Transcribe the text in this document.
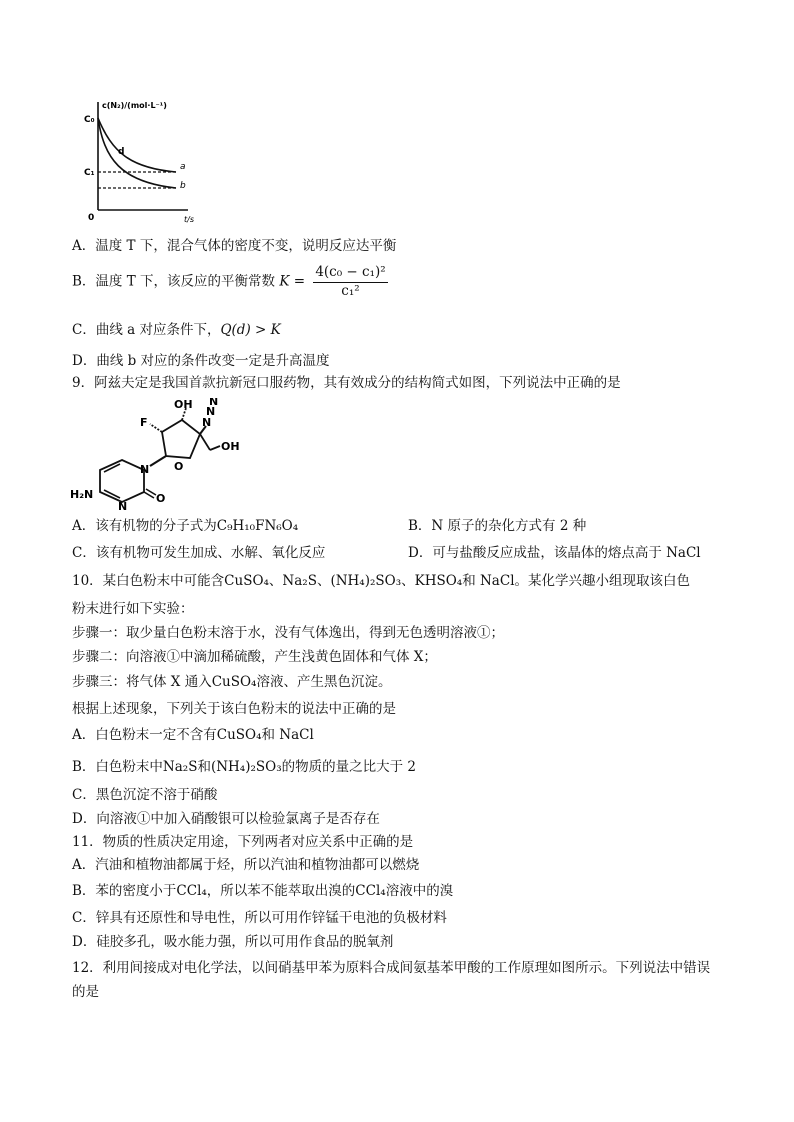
c(N₂)/(mol·L⁻¹)
C₀
C₁
0	t/s
d
a
b
A．温度 T 下，混合气体的密度不变，说明反应达平衡
B．温度 T 下，该反应的平衡常数 $K = \frac{\text{4(c₀ − c₁)²}}{\text{c₁²}}$
C．曲线 a 对应条件下，Q(d) > K
D．曲线 b 对应的条件改变一定是升高温度
9．阿兹夫定是我国首款抗新冠口服药物，其有效成分的结构简式如图，下列说法中正确的是
N
N
H₂N	O
O
F
OH
N
N
N
OH
A．该有机物的分子式为C₉H₁₀FN₆O₄	B．N 原子的杂化方式有 2 种
C．该有机物可发生加成、水解、氧化反应	D．可与盐酸反应成盐，该晶体的熔点高于 NaCl
10．某白色粉末中可能含CuSO₄、Na₂S、(NH₄)₂SO₃、KHSO₄和 NaCl。某化学兴趣小组现取该白色
粉末进行如下实验：
步骤一：取少量白色粉末溶于水，没有气体逸出，得到无色透明溶液①；
步骤二：向溶液①中滴加稀硫酸，产生浅黄色固体和气体 X；
步骤三：将气体 X 通入CuSO₄溶液、产生黑色沉淀。
根据上述现象，下列关于该白色粉末的说法中正确的是
A．白色粉末一定不含有CuSO₄和 NaCl
B．白色粉末中Na₂S和(NH₄)₂SO₃的物质的量之比大于 2
C．黑色沉淀不溶于硝酸
D．向溶液①中加入硝酸银可以检验氯离子是否存在
11．物质的性质决定用途，下列两者对应关系中正确的是
A．汽油和植物油都属于烃，所以汽油和植物油都可以燃烧
B．苯的密度小于CCl₄，所以苯不能萃取出溴的CCl₄溶液中的溴
C．锌具有还原性和导电性，所以可用作锌锰干电池的负极材料
D．硅胶多孔，吸水能力强，所以可用作食品的脱氧剂
12．利用间接成对电化学法，以间硝基甲苯为原料合成间氨基苯甲酸的工作原理如图所示。下列说法中错误
的是
